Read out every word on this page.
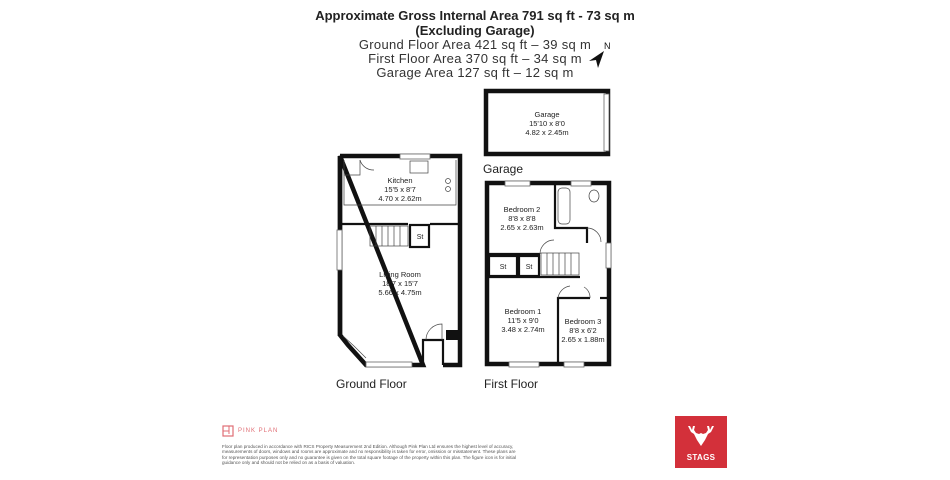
Approximate Gross Internal Area 791 sq ft - 73 sq m
(Excluding Garage)
Ground Floor Area 421 sq ft – 39 sq m
First Floor Area 370 sq ft – 34 sq m
Garage Area 127 sq ft – 12 sq m
N
Garage
15'10 x 8'0
4.82 x 2.45m
Garage
St
Kitchen
15'5 x 8'7
4.70 x 2.62m
Living Room
18'7 x 15'7
5.66 x 4.75m
Ground Floor
St	St
Bedroom 2
8'8 x 8'8
2.65 x 2.63m
Bedroom 1
11'5 x 9'0
3.48 x 2.74m
Bedroom 3
8'8 x 6'2
2.65 x 1.88m
First Floor
PINK PLAN
Floor plan produced in accordance with RICS Property Measurement 2nd Edition. Although Pink Plan Ltd ensures the highest level of accuracy, measurements of doors, windows and rooms are approximate and no responsibility is taken for error, omission or misstatement. These plans are for representation purposes only and no guarantee is given on the total square footage of the property within this plan. The figure icon is for initial guidance only and should not be relied on as a basis of valuation.
STAGS
